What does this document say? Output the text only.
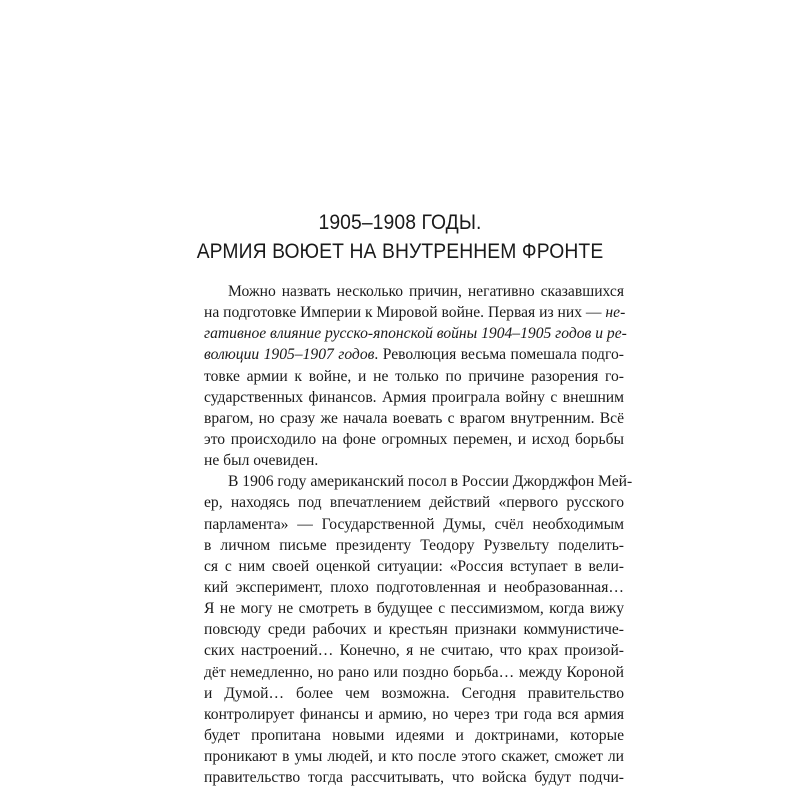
1905–1908 ГОДЫ.
АРМИЯ ВОЮЕТ НА ВНУТРЕННЕМ ФРОНТЕ
Можно назвать несколько причин, негативно сказавшихся
на подготовке Империи к Мировой войне. Первая из них — не-
гативное влияние русско-японской войны 1904–1905 годов и ре-
волюции 1905–1907 годов. Революция весьма помешала подго-
товке армии к войне, и не только по причине разорения го-
сударственных финансов. Армия проиграла войну с внешним
врагом, но сразу же начала воевать с врагом внутренним. Всё
это происходило на фоне огромных перемен, и исход борьбы
не был очевиден.
В 1906 году американский посол в России Джорджфон Мей-
ер, находясь под впечатлением действий «первого русского
парламента» — Государственной Думы, счёл необходимым
в личном письме президенту Теодору Рузвельту поделить-
ся с ним своей оценкой ситуации: «Россия вступает в вели-
кий эксперимент, плохо подготовленная и необразованная…
Я не могу не смотреть в будущее с пессимизмом, когда вижу
повсюду среди рабочих и крестьян признаки коммунистиче-
ских настроений… Конечно, я не считаю, что крах произой-
дёт немедленно, но рано или поздно борьба… между Короной
и Думой… более чем возможна. Сегодня правительство
контролирует финансы и армию, но через три года вся армия
будет пропитана новыми идеями и доктринами, которые
проникают в умы людей, и кто после этого скажет, сможет ли
правительство тогда рассчитывать, что войска будут подчи-
